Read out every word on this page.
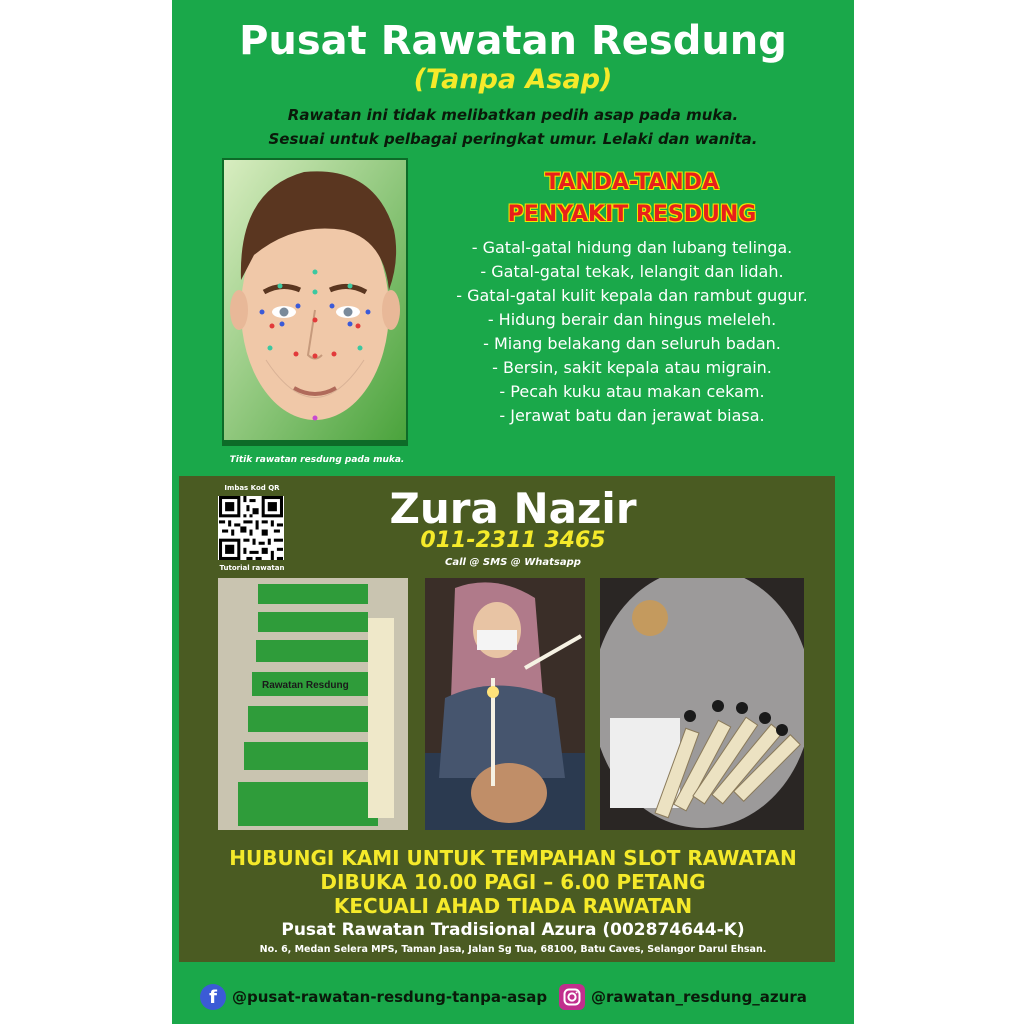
Pusat Rawatan Resdung
(Tanpa Asap)
Rawatan ini tidak melibatkan pedih asap pada muka.
Sesuai untuk pelbagai peringkat umur. Lelaki dan wanita.
Titik rawatan resdung pada muka.
TANDA-TANDA
PENYAKIT RESDUNG
- Gatal-gatal hidung dan lubang telinga.
- Gatal-gatal tekak, lelangit dan lidah.
- Gatal-gatal kulit kepala dan rambut gugur.
- Hidung berair dan hingus meleleh.
- Miang belakang dan seluruh badan.
- Bersin, sakit kepala atau migrain.
- Pecah kuku atau makan cekam.
- Jerawat batu dan jerawat biasa.
Imbas Kod QR
Tutorial rawatan
Zura Nazir
011-2311 3465
Call @ SMS @ Whatsapp
Rawatan Resdung
HUBUNGI KAMI UNTUK TEMPAHAN SLOT RAWATAN
DIBUKA 10.00 PAGI – 6.00 PETANG
KECUALI AHAD TIADA RAWATAN
Pusat Rawatan Tradisional Azura (002874644-K)
No. 6, Medan Selera MPS, Taman Jasa, Jalan Sg Tua, 68100, Batu Caves, Selangor Darul Ehsan.
f	@pusat-rawatan-resdung-tanpa-asap	@rawatan_resdung_azura
